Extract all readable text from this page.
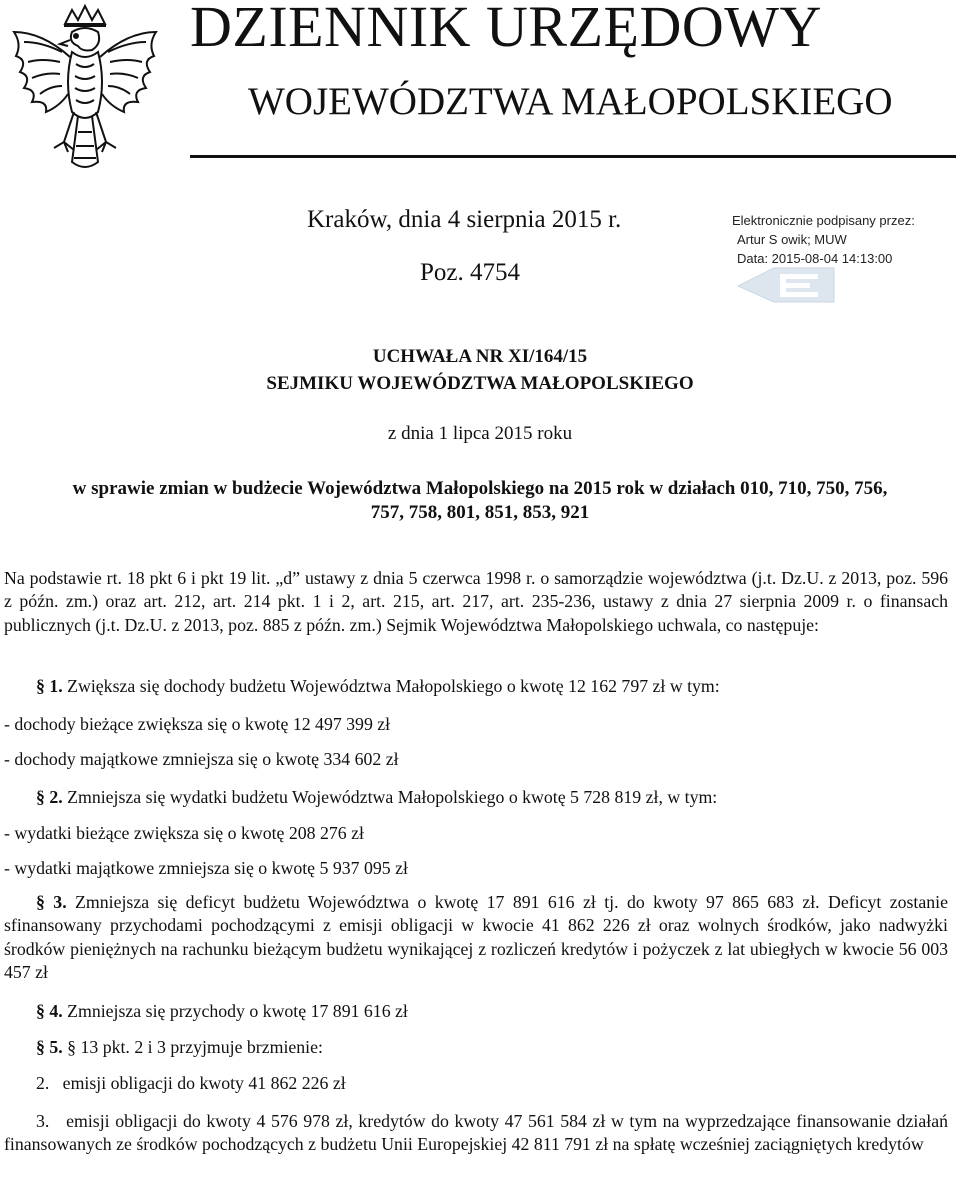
DZIENNIK URZĘDOWY
WOJEWÓDZTWA MAŁOPOLSKIEGO
Kraków, dnia 4 sierpnia 2015 r.
Poz. 4754
Elektronicznie podpisany przez:
Artur S owik; MUW
Data: 2015-08-04 14:13:00
UCHWAŁA NR XI/164/15
SEJMIKU WOJEWÓDZTWA MAŁOPOLSKIEGO
z dnia 1 lipca 2015 roku
w sprawie zmian w budżecie Województwa Małopolskiego na 2015 rok w działach 010, 710, 750, 756,
757, 758, 801, 851, 853, 921
Na podstawie rt. 18 pkt 6 i pkt 19 lit. „d” ustawy z dnia 5 czerwca 1998 r. o samorządzie województwa (j.t. Dz.U. z 2013, poz. 596 z późn. zm.) oraz art. 212, art. 214 pkt. 1 i 2, art. 215, art. 217, art. 235-236, ustawy z dnia 27 sierpnia 2009 r. o finansach publicznych (j.t. Dz.U. z 2013, poz. 885 z późn. zm.) Sejmik Województwa Małopolskiego uchwala, co następuje:
§ 1. Zwiększa się dochody budżetu Województwa Małopolskiego o kwotę 12 162 797 zł w tym:
- dochody bieżące zwiększa się o kwotę 12 497 399 zł
- dochody majątkowe zmniejsza się o kwotę 334 602 zł
§ 2. Zmniejsza się wydatki budżetu Województwa Małopolskiego o kwotę 5 728 819 zł, w tym:
- wydatki bieżące zwiększa się o kwotę 208 276 zł
- wydatki majątkowe zmniejsza się o kwotę 5 937 095 zł
§ 3. Zmniejsza się deficyt budżetu Województwa o kwotę 17 891 616 zł tj. do kwoty 97 865 683 zł. Deficyt zostanie sfinansowany przychodami pochodzącymi z emisji obligacji w kwocie 41 862 226 zł oraz wolnych środków, jako nadwyżki środków pieniężnych na rachunku bieżącym budżetu wynikającej z rozliczeń kredytów i pożyczek z lat ubiegłych w kwocie 56 003 457 zł
§ 4. Zmniejsza się przychody o kwotę 17 891 616 zł
§ 5. § 13 pkt. 2 i 3 przyjmuje brzmienie:
2.   emisji obligacji do kwoty 41 862 226 zł
3.   emisji obligacji do kwoty 4 576 978 zł, kredytów do kwoty 47 561 584 zł w tym na wyprzedzające finansowanie działań finansowanych ze środków pochodzących z budżetu Unii Europejskiej 42 811 791 zł na spłatę wcześniej zaciągniętych kredytów
